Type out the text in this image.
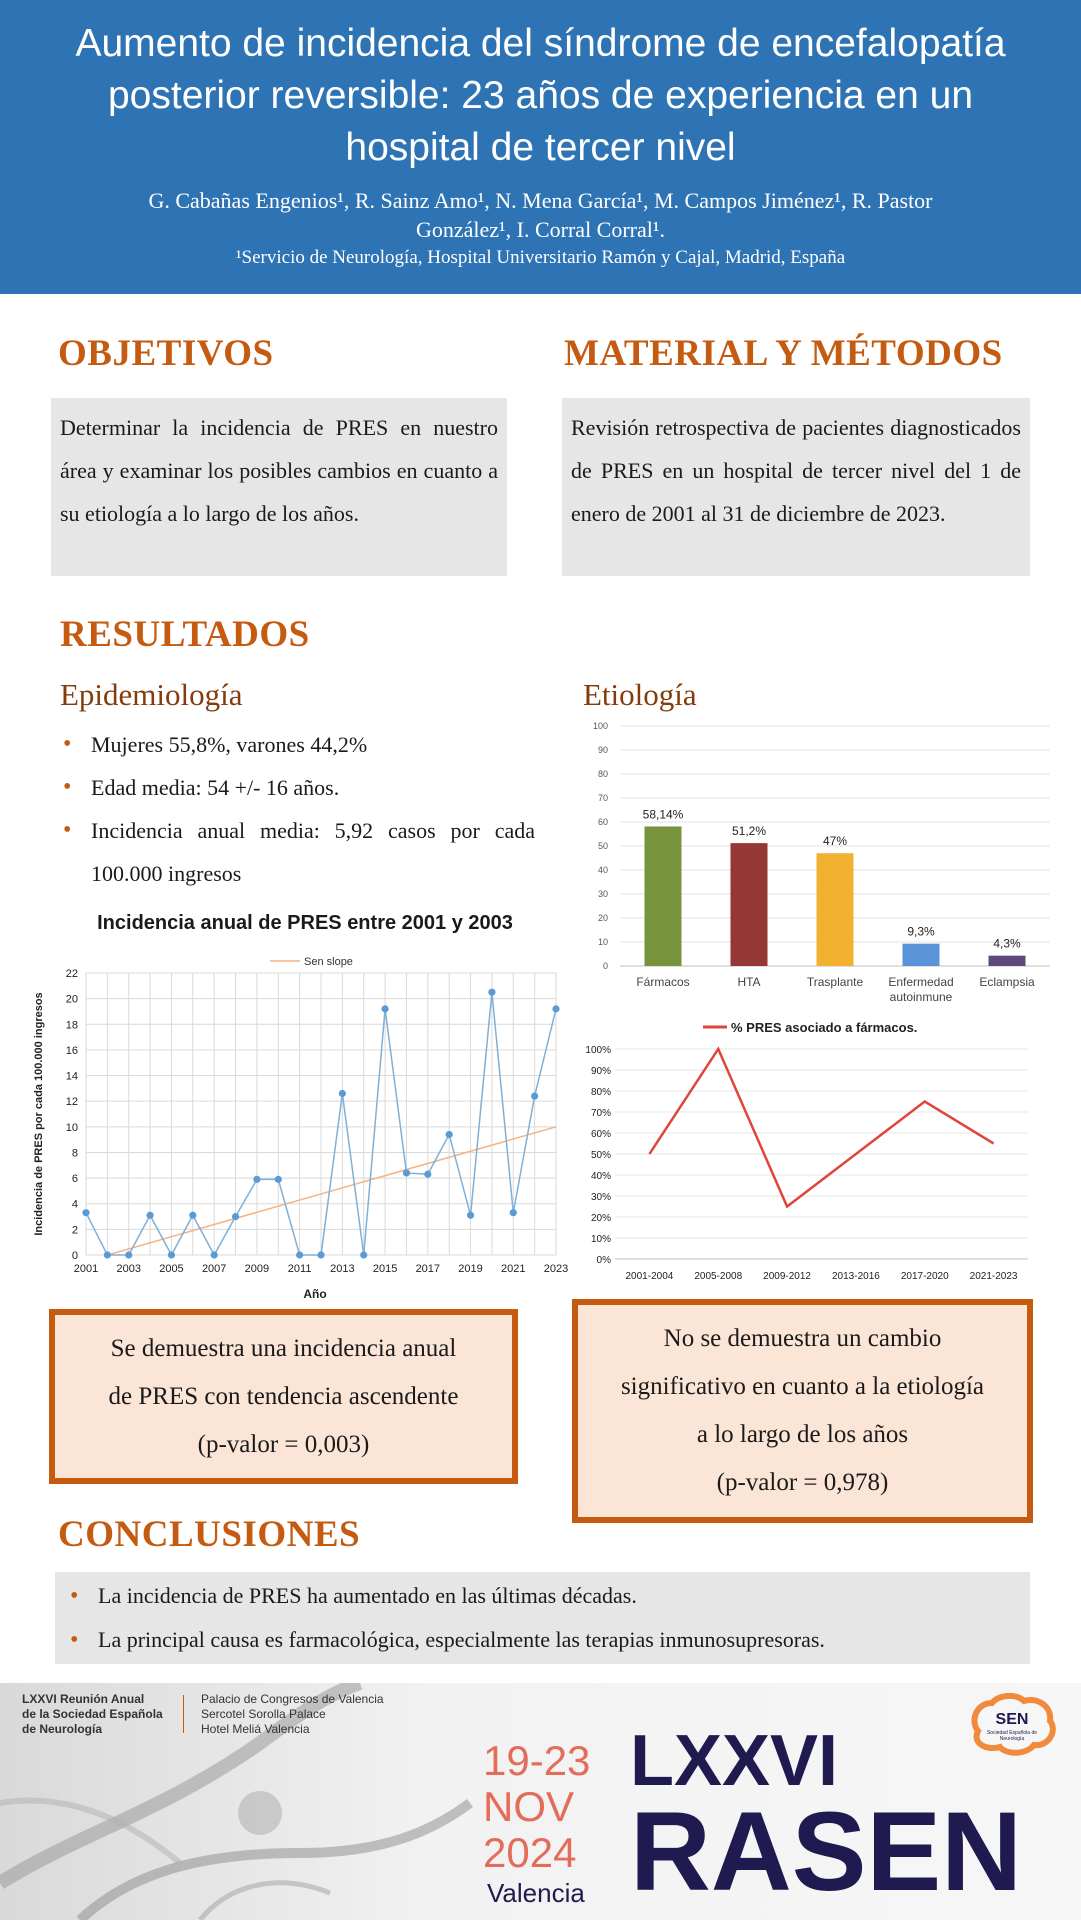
Aumento de incidencia del síndrome de encefalopatía
posterior reversible: 23 años de experiencia en un
hospital de tercer nivel
G. Cabañas Engenios¹, R. Sainz Amo¹, N. Mena García¹, M. Campos Jiménez¹, R. Pastor
González¹, I. Corral Corral¹.
¹Servicio de Neurología, Hospital Universitario Ramón y Cajal, Madrid, España
OBJETIVOS
Determinar la incidencia de PRES en nuestro área y examinar los posibles cambios en cuanto a su etiología a lo largo de los años.
MATERIAL Y MÉTODOS
Revisión retrospectiva de pacientes diagnosticados de PRES en un hospital de tercer nivel del 1 de enero de 2001 al 31 de diciembre de 2023.
RESULTADOS
Epidemiología	Etiología
• Mujeres 55,8%, varones 44,2%
• Edad media: 54 +/- 16 años.
• Incidencia anual media: 5,92 casos por cada 100.000 ingresos
Incidencia anual de PRES entre 2001 y 2003
0
2
4
6
8
10
12
14
16
18
20
22
2001 2003 2005 2007 2009 2011 2013 2015 2017 2019 2021 2023
Sen slope
Incidencia de PRES por cada 100.000 ingresos
Año
0
10
20
30
40
50
60
70
80
90
100
58,14%
51,2%
47%
9,3%
4,3%
Fármacos	HTA	Trasplante Enfermedad
autoinmune
Eclampsia
% PRES asociado a fármacos.
0%
10%
20%
30%
40%
50%
60%
70%
80%
90%
100%
2001-2004 2005-2008 2009-2012 2013-2016 2017-2020 2021-2023
Se demuestra una incidencia anual
de PRES con tendencia ascendente
(p-valor = 0,003)
No se demuestra un cambio
significativo en cuanto a la etiología
a lo largo de los años
(p-valor = 0,978)
CONCLUSIONES
• La incidencia de PRES ha aumentado en las últimas décadas.
• La principal causa es farmacológica, especialmente las terapias inmunosupresoras.
LXXVI Reunión Anual
de la Sociedad Española
de Neurología
Palacio de Congresos de Valencia
Sercotel Sorolla Palace
Hotel Meliá Valencia
19-23
NOV
2024
Valencia
LXXVI
RASEN
SEN
Sociedad Española de Neurología
